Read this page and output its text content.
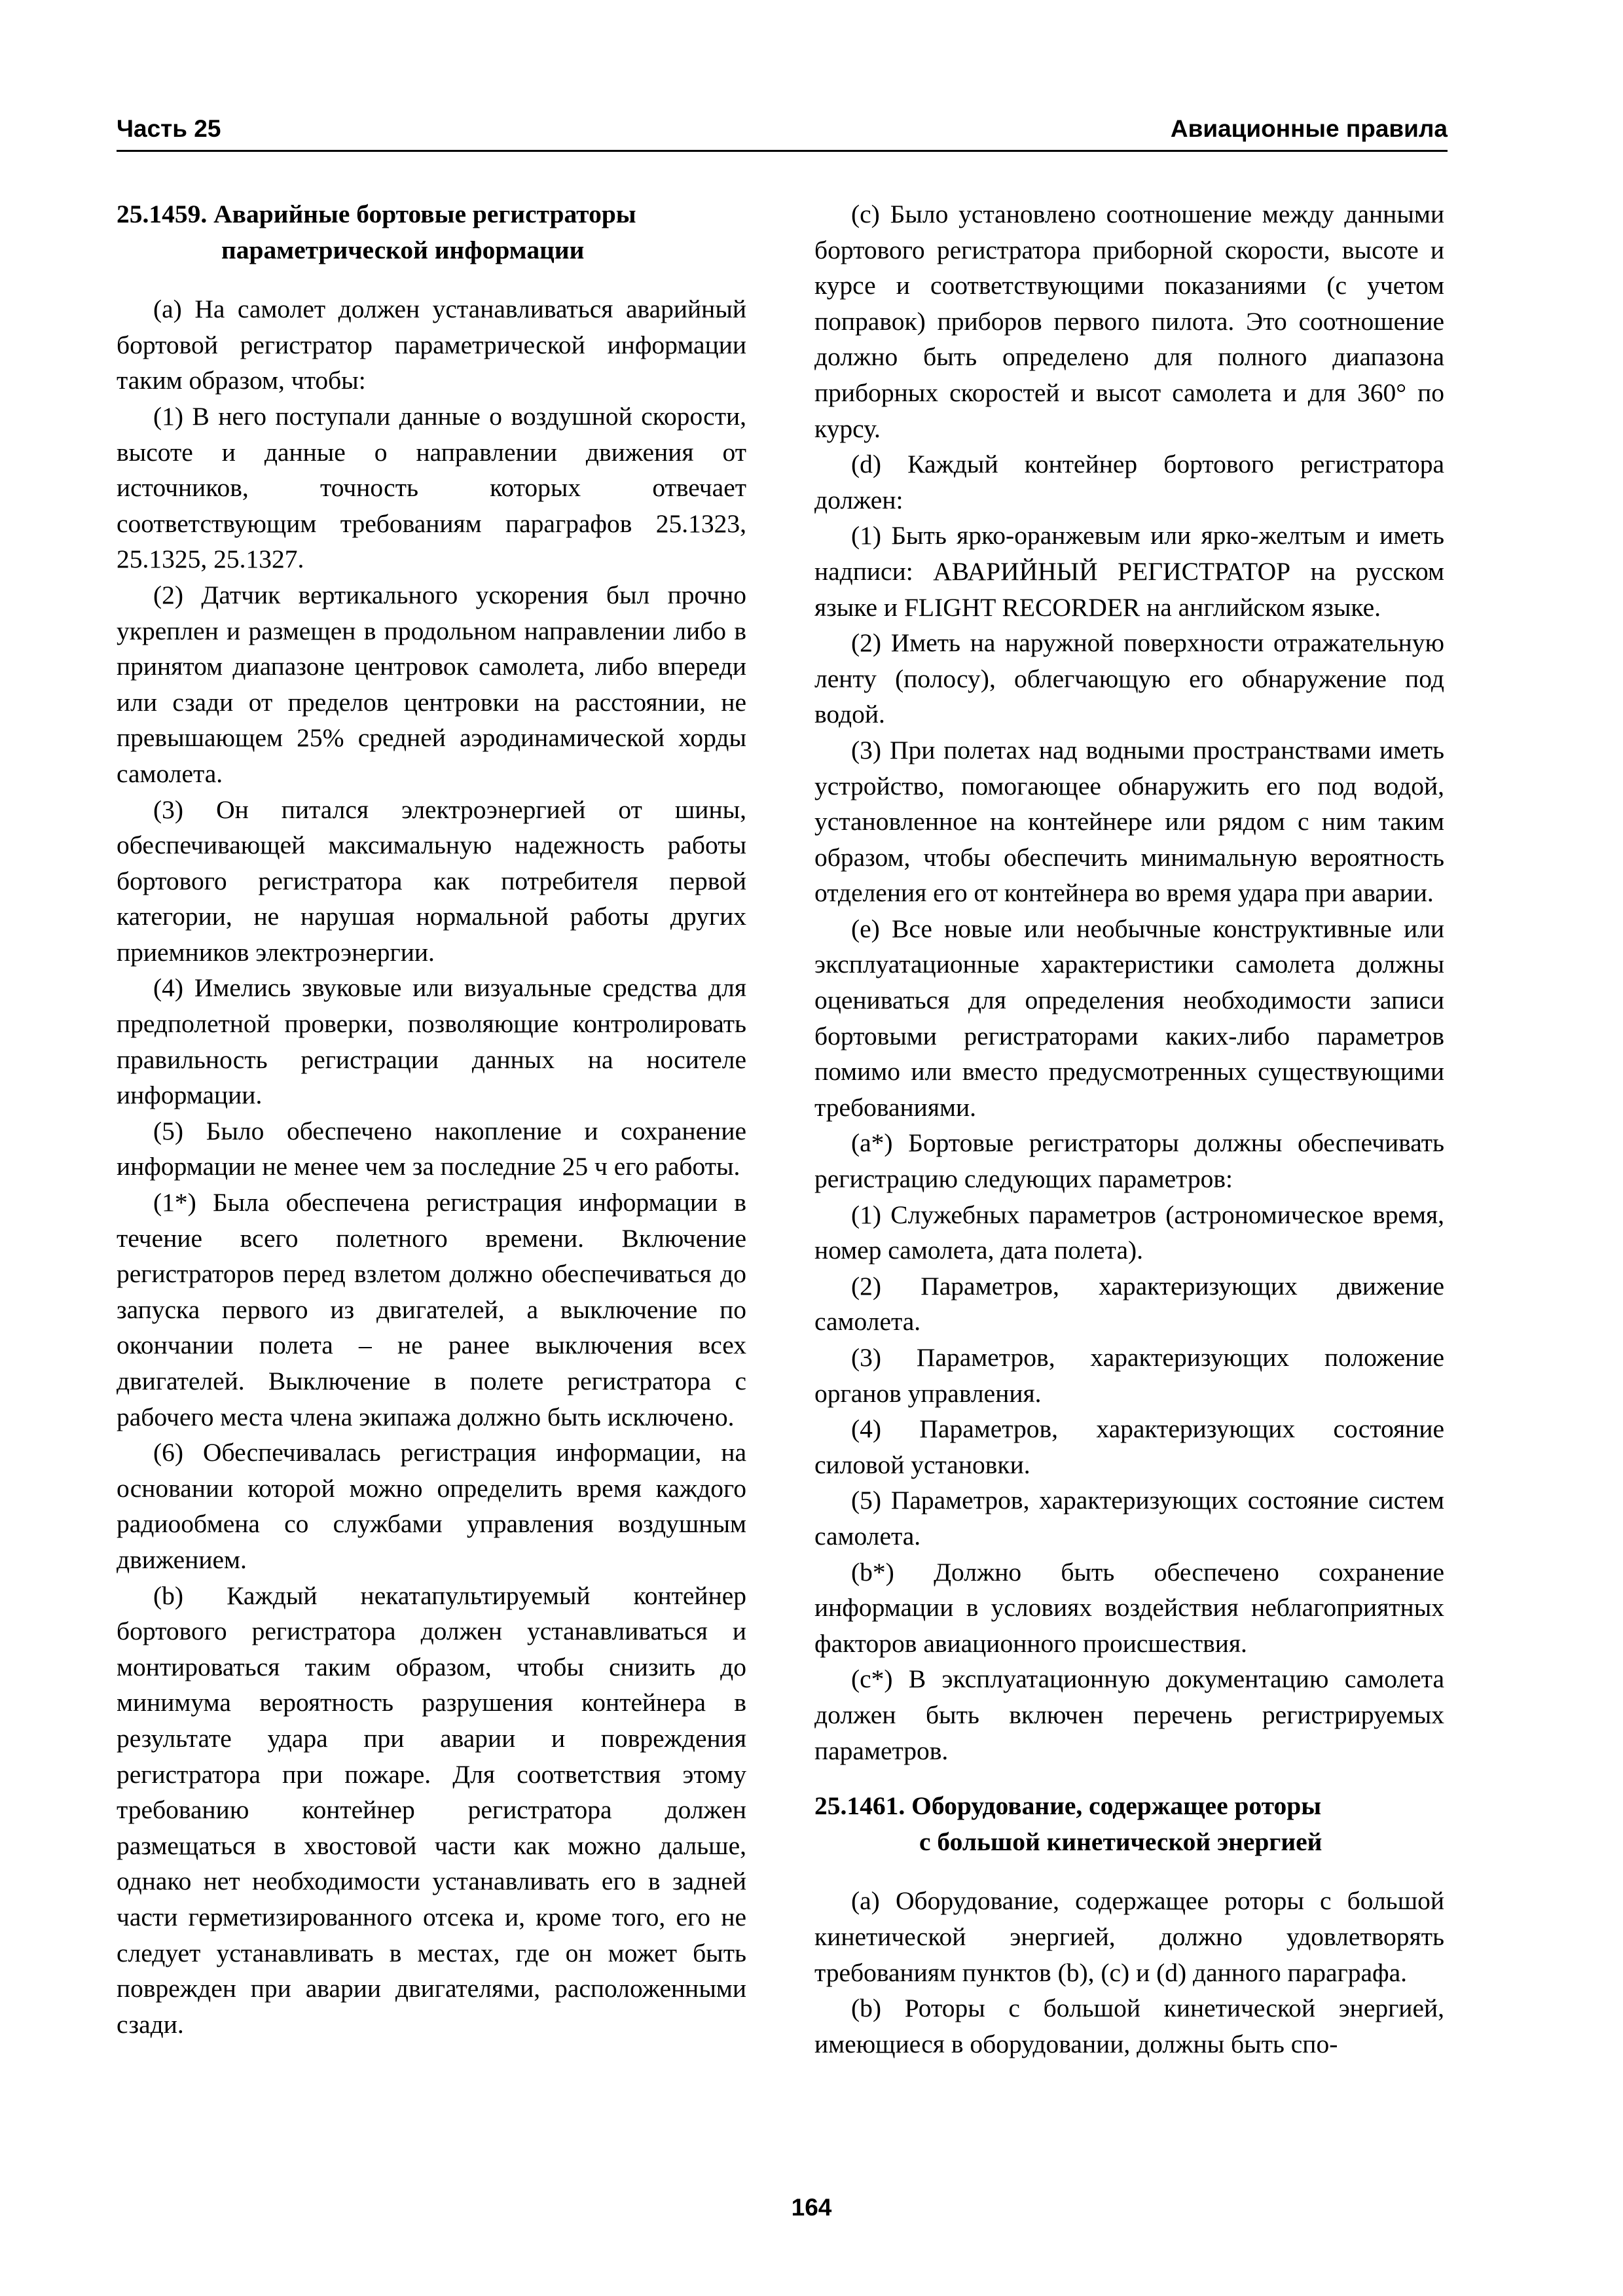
Часть 25	Авиационные правила
25.1459. Аварийные бортовые регистраторы
параметрической информации

(a) На самолет должен устанавливаться аварийный бортовой регистратор параметрической информации таким образом, чтобы:

(1) В него поступали данные о воздушной скорости, высоте и данные о направлении движения от источников, точность которых отвечает соответствующим требованиям параграфов 25.1323, 25.1325, 25.1327.

(2) Датчик вертикального ускорения был прочно укреплен и размещен в продольном направлении либо в принятом диапазоне центровок самолета, либо впереди или сзади от пределов центровки на расстоянии, не превышающем 25% средней аэродинамической хорды самолета.

(3) Он питался электроэнергией от шины, обеспечивающей максимальную надежность работы бортового регистратора как потребителя первой категории, не нарушая нормальной работы других приемников электроэнергии.

(4) Имелись звуковые или визуальные средства для предполетной проверки, позволяющие контролировать правильность регистрации данных на носителе информации.

(5) Было обеспечено накопление и сохранение информации не менее чем за последние 25 ч его работы.

(1*) Была обеспечена регистрация информации в течение всего полетного времени. Включение регистраторов перед взлетом должно обеспечиваться до запуска первого из двигателей, а выключение по окончании полета – не ранее выключения всех двигателей. Выключение в полете регистратора с рабочего места члена экипажа должно быть исключено.

(6) Обеспечивалась регистрация информации, на основании которой можно определить время каждого радиообмена со службами управления воздушным движением.

(b) Каждый некатапультируемый контейнер бортового регистратора должен устанавливаться и монтироваться таким образом, чтобы снизить до минимума вероятность разрушения контейнера в результате удара при аварии и повреждения регистратора при пожаре. Для соответствия этому требованию контейнер регистратора должен размещаться в хвостовой части как можно дальше, однако нет необходимости устанавливать его в задней части герметизированного отсека и, кроме того, его не следует устанавливать в местах, где он может быть поврежден при аварии двигателями, расположенными сзади.

(c) Было установлено соотношение между данными бортового регистратора приборной скорости, высоте и курсе и соответствующими показаниями (с учетом поправок) приборов первого пилота. Это соотношение должно быть определено для полного диапазона приборных скоростей и высот самолета и для 360° по курсу.

(d) Каждый контейнер бортового регистратора должен:

(1) Быть ярко-оранжевым или ярко-желтым и иметь надписи: АВАРИЙНЫЙ РЕГИСТРАТОР на русском языке и FLIGHT RECORDER на английском языке.

(2) Иметь на наружной поверхности отражательную ленту (полосу), облегчающую его обнаружение под водой.

(3) При полетах над водными пространствами иметь устройство, помогающее обнаружить его под водой, установленное на контейнере или рядом с ним таким образом, чтобы обеспечить минимальную вероятность отделения его от контейнера во время удара при аварии.

(e) Все новые или необычные конструктивные или эксплуатационные характеристики самолета должны оцениваться для определения необходимости записи бортовыми регистраторами каких-либо параметров помимо или вместо предусмотренных существующими требованиями.

(a*) Бортовые регистраторы должны обеспечивать регистрацию следующих параметров:

(1) Служебных параметров (астрономическое время, номер самолета, дата полета).

(2) Параметров, характеризующих движение самолета.

(3) Параметров, характеризующих положение органов управления.

(4) Параметров, характеризующих состояние силовой установки.

(5) Параметров, характеризующих состояние систем самолета.

(b*) Должно быть обеспечено сохранение информации в условиях воздействия неблагоприятных факторов авиационного происшествия.

(c*) В эксплуатационную документацию самолета должен быть включен перечень регистрируемых параметров.

25.1461. Оборудование, содержащее роторы
с большой кинетической энергией

(a) Оборудование, содержащее роторы с большой кинетической энергией, должно удовлетворять требованиям пунктов (b), (c) и (d) данного параграфа.

(b) Роторы с большой кинетической энергией, имеющиеся в оборудовании, должны быть спо-

164
